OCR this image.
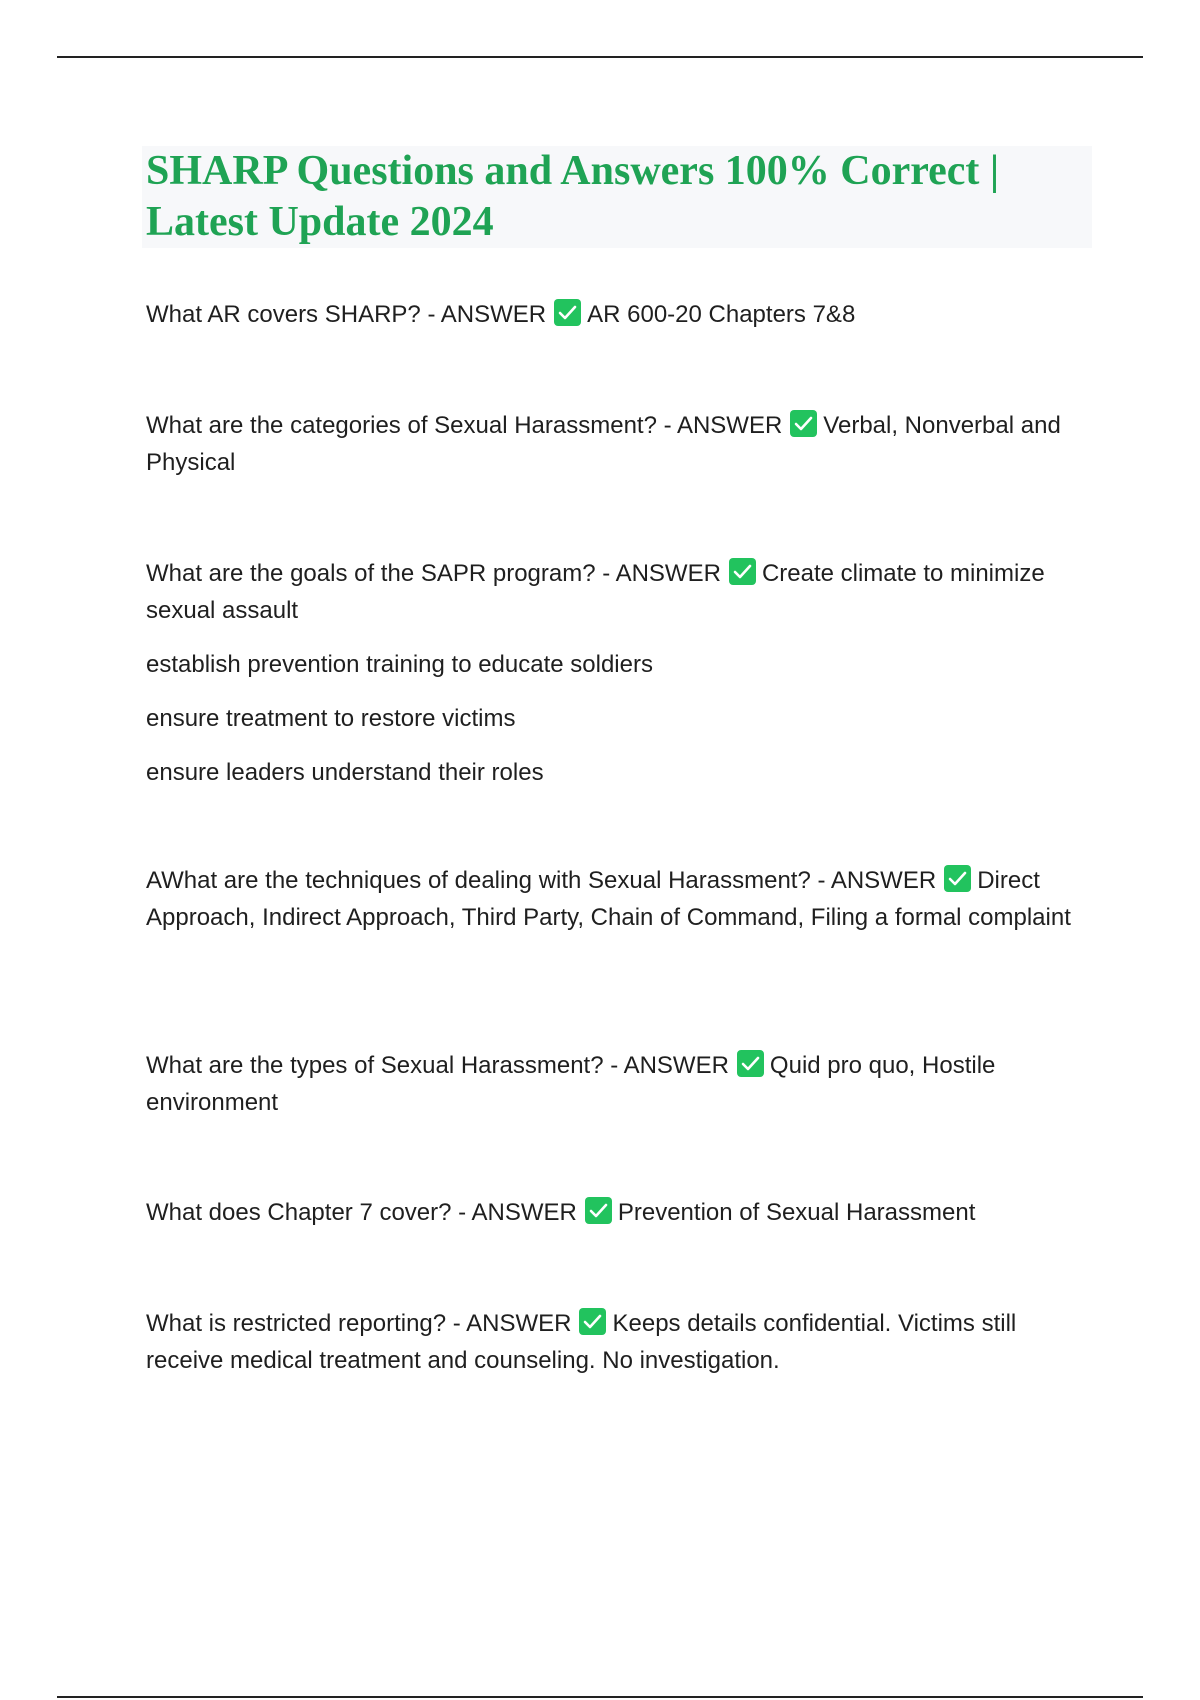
SHARP Questions and Answers 100% Correct | Latest Update 2024

What AR covers SHARP? - ANSWER AR 600-20 Chapters 7&8

What are the categories of Sexual Harassment? - ANSWER Verbal, Nonverbal and Physical

What are the goals of the SAPR program? - ANSWER Create climate to minimize sexual assault

establish prevention training to educate soldiers

ensure treatment to restore victims

ensure leaders understand their roles

AWhat are the techniques of dealing with Sexual Harassment? - ANSWER Direct Approach, Indirect Approach, Third Party, Chain of Command, Filing a formal complaint

What are the types of Sexual Harassment? - ANSWER Quid pro quo, Hostile environment

What does Chapter 7 cover? - ANSWER Prevention of Sexual Harassment

What is restricted reporting? - ANSWER Keeps details confidential. Victims still receive medical treatment and counseling. No investigation.
